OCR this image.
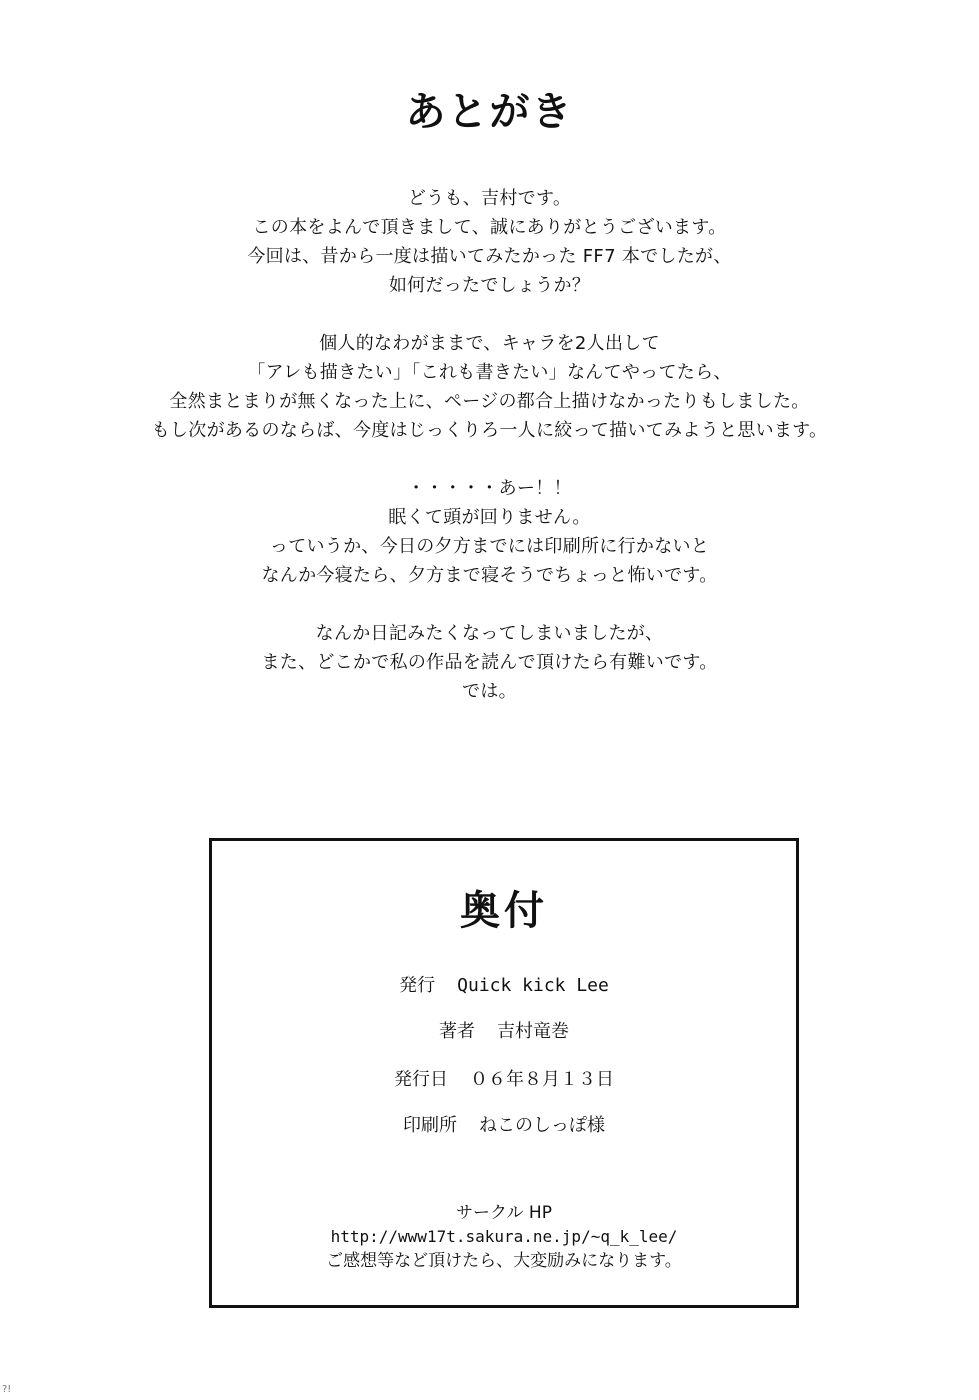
あとがき
どうも、吉村です。
この本をよんで頂きまして、誠にありがとうございます。
今回は、昔から一度は描いてみたかった FF7 本でしたが、
如何だったでしょうか？
個人的なわがままで、キャラを2人出して
「アレも描きたい」「これも書きたい」なんてやってたら、
全然まとまりが無くなった上に、ページの都合上描けなかったりもしました。
もし次があるのならば、今度はじっくりろ一人に絞って描いてみようと思います。
・・・・・あー！！
眠くて頭が回りません。
っていうか、今日の夕方までには印刷所に行かないと
なんか今寝たら、夕方まで寝そうでちょっと怖いです。
なんか日記みたくなってしまいましたが、
また、どこかで私の作品を読んで頂けたら有難いです。
では。
奥付
発行 Quick kick Lee
著者 吉村竜巻
発行日 ０６年８月１３日
印刷所 ねこのしっぽ様
サークル HP
http://www17t.sakura.ne.jp/~q_k_lee/
ご感想等など頂けたら、大変励みになります。
?!
